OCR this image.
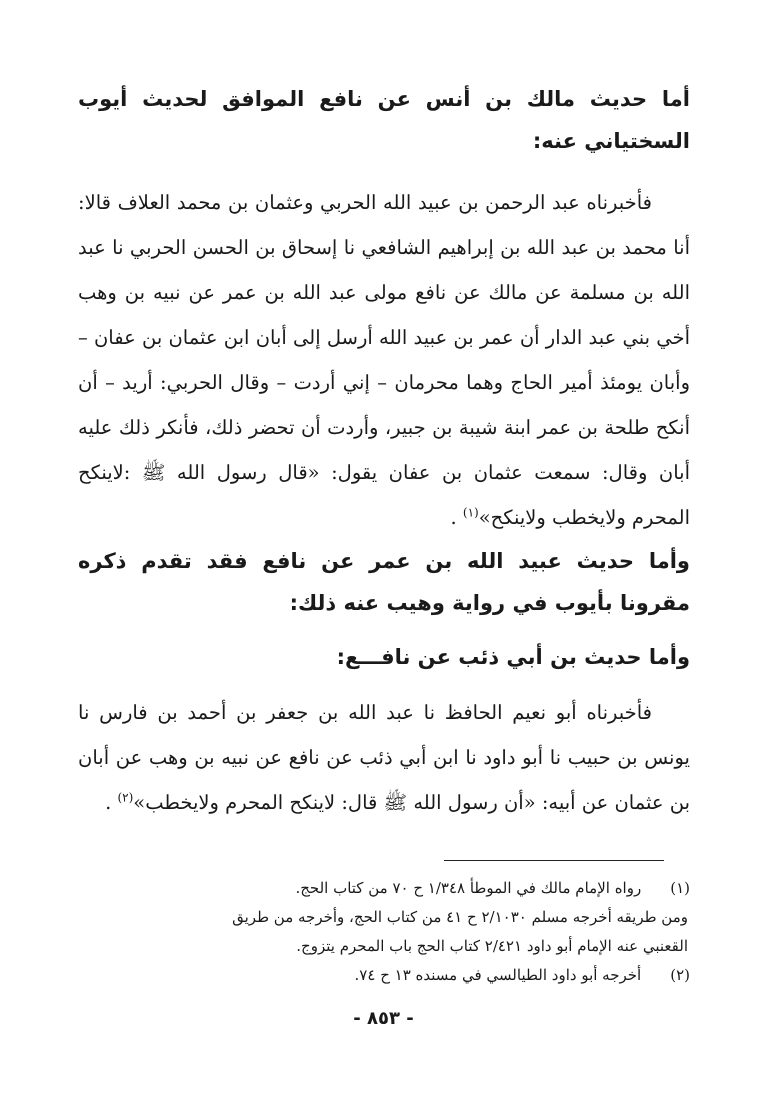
أما حديث مالك بن أنس عن نافع الموافق لحديث أيوب السختياني عنه:

فأخبرناه عبد الرحمن بن عبيد الله الحربي وعثمان بن محمد العلاف قالا: أنا محمد بن عبد الله بن إبراهيم الشافعي نا إسحاق بن الحسن الحربي نا عبد الله بن مسلمة عن مالك عن نافع مولى عبد الله بن عمر عن نبيه بن وهب أخي بني عبد الدار أن عمر بن عبيد الله أرسل إلى أبان ابن عثمان بن عفان – وأبان يومئذ أمير الحاج وهما محرمان – إني أردت – وقال الحربي: أريد – أن أنكح طلحة بن عمر ابنة شيبة بن جبير، وأردت أن تحضر ذلك، فأنكر ذلك عليه أبان وقال: سمعت عثمان بن عفان يقول: «قال رسول الله ﷺ :لاينكح المحرم ولايخطب ولاينكح»$^{(١)}$ .

وأما حديث عبيد الله بن عمر عن نافع فقد تقدم ذكره مقرونا بأيوب في رواية وهيب عنه ذلك:

وأما حديث بن أبي ذئب عن نافـــع:

فأخبرناه أبو نعيم الحافظ نا عبد الله بن جعفر بن أحمد بن فارس نا يونس بن حبيب نا أبو داود نا ابن أبي ذئب عن نافع عن نبيه بن وهب عن أبان بن عثمان عن أبيه: «أن رسول الله ﷺ قال: لاينكح المحرم ولايخطب»$^{(٢)}$ .

(١) رواه الإمام مالك في الموطأ ١/٣٤٨ ح ٧٠ من كتاب الحج.

ومن طريقه أخرجه مسلم ٢/١٠٣٠ ح ٤١ من كتاب الحج، وأخرجه من طريق

القعنبي عنه الإمام أبو داود ٢/٤٢١ كتاب الحج باب المحرم يتزوج.

(٢) أخرجه أبو داود الطيالسي في مسنده ١٣ ح ٧٤.

- ٨٥٣ -
